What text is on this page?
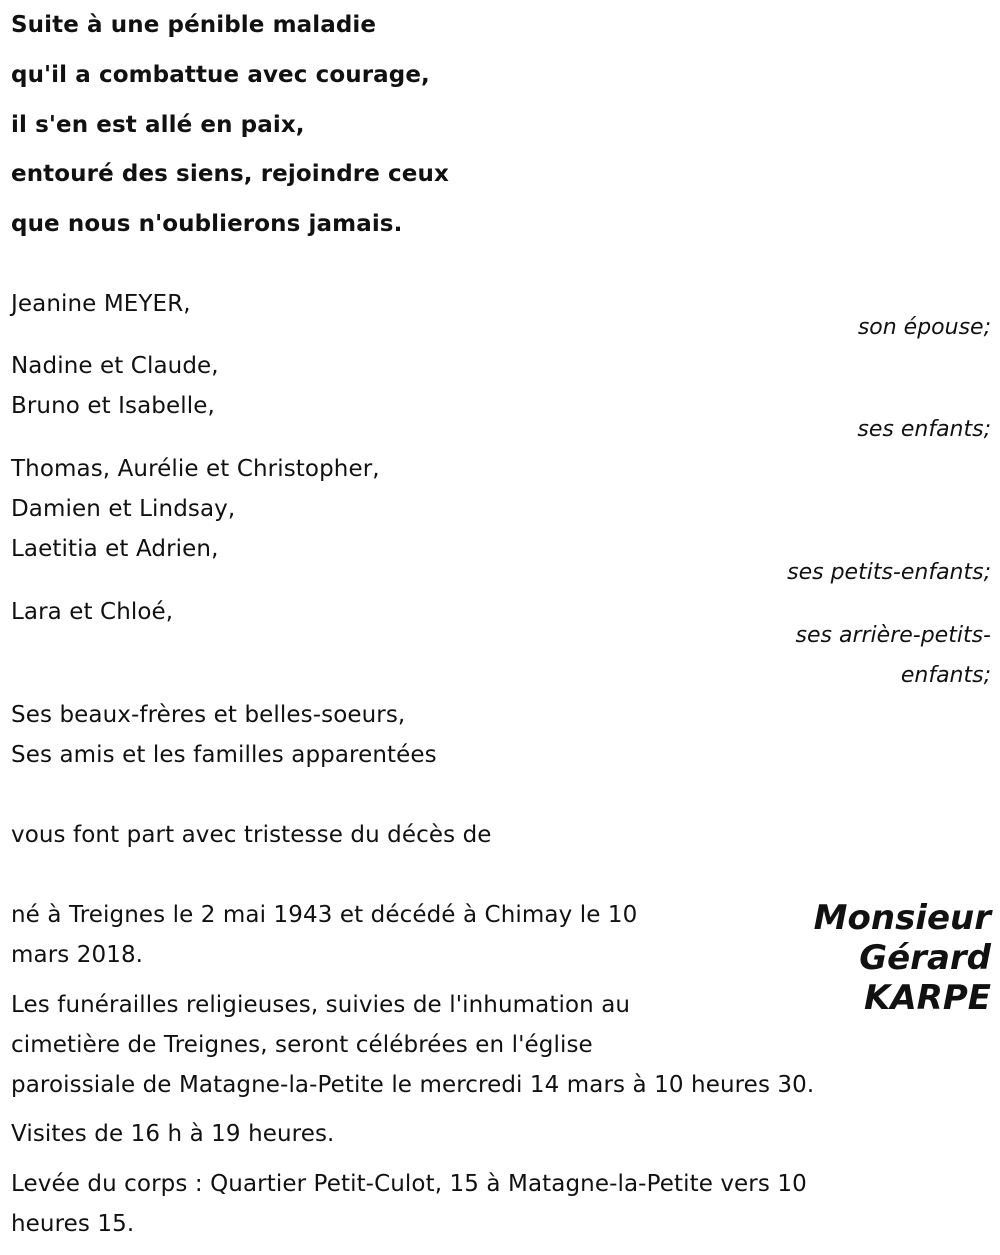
Suite à une pénible maladie
qu'il a combattue avec courage,
il s'en est allé en paix,
entouré des siens, rejoindre ceux
que nous n'oublierons jamais.
Jeanine MEYER,
son épouse;
Nadine et Claude,
Bruno et Isabelle,
ses enfants;
Thomas, Aurélie et Christopher,
Damien et Lindsay,
Laetitia et Adrien,
ses petits-enfants;
Lara et Chloé,
ses arrière-petits-
enfants;
Ses beaux-frères et belles-soeurs,
Ses amis et les familles apparentées
vous font part avec tristesse du décès de
Monsieur
Gérard
KARPE
né à Treignes le 2 mai 1943 et décédé à Chimay le 10
mars 2018.
Les funérailles religieuses, suivies de l'inhumation au
cimetière de Treignes, seront célébrées en l'église
paroissiale de Matagne-la-Petite le mercredi 14 mars à 10 heures 30.
Visites de 16 h à 19 heures.
Levée du corps : Quartier Petit-Culot, 15 à Matagne-la-Petite vers 10
heures 15.
